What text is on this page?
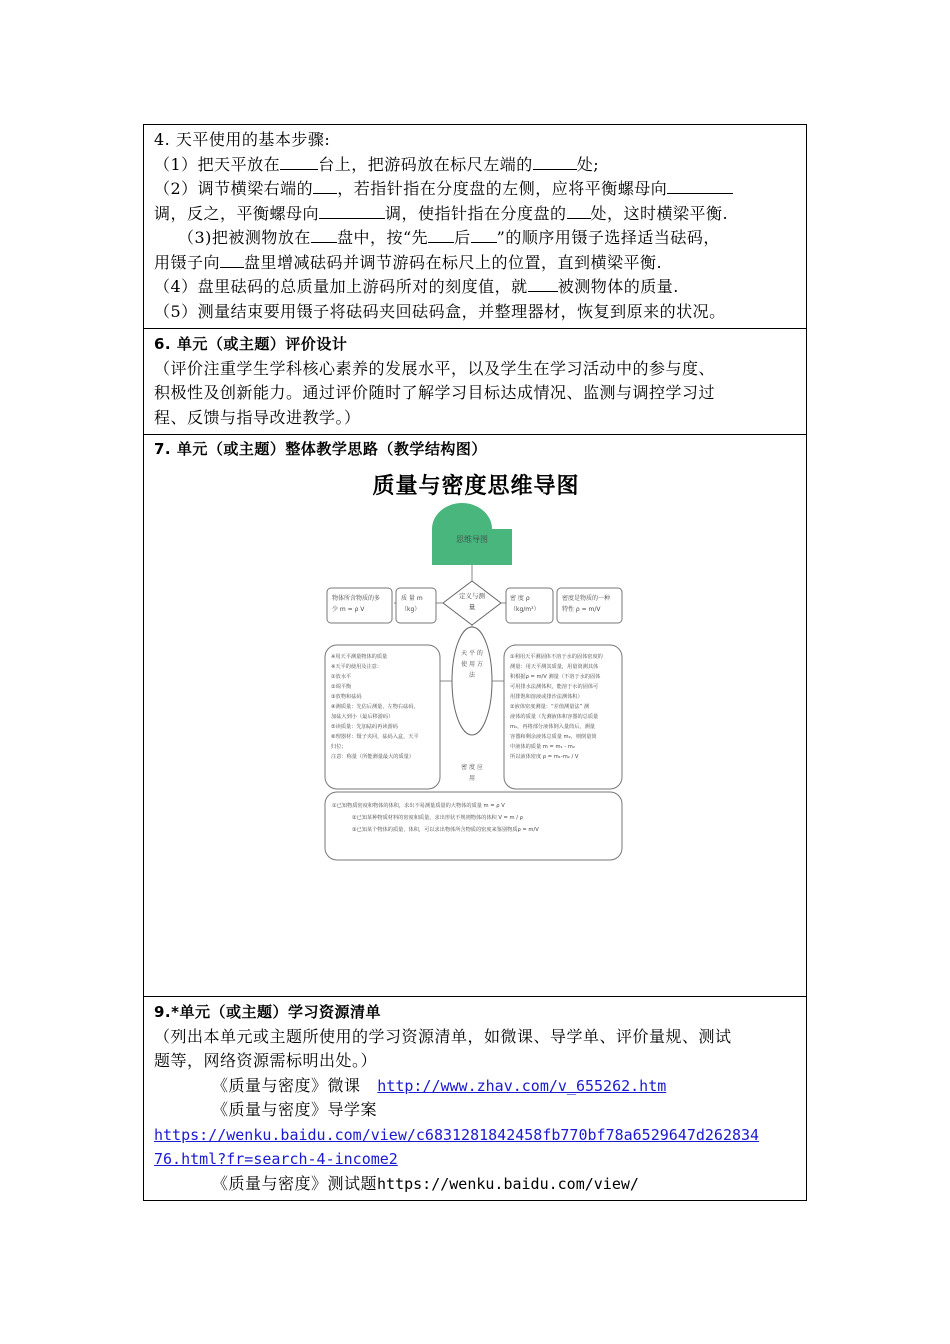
4. 天平使用的基本步骤:
（1）把天平放在 台上，把游码放在标尺左端的	处;
（2）调节横梁右端的 ，若指针指在分度盘的左侧，应将平衡螺母向
调，反之，平衡螺母向	调，使指针指在分度盘的 处，这时横梁平衡.
（3)把被测物放在 盘中，按“先 后 ”的顺序用镊子选择适当砝码，
用镊子向 盘里增减砝码并调节游码在标尺上的位置，直到横梁平衡.
（4）盘里砝码的总质量加上游码所对的刻度值，就 被测物体的质量.
（5）测量结束要用镊子将砝码夹回砝码盒，并整理器材，恢复到原来的状况。
6. 单元（或主题）评价设计
（评价注重学生学科核心素养的发展水平，以及学生在学习活动中的参与度、
积极性及创新能力。通过评价随时了解学习目标达成情况、监测与调控学习过
程、反馈与指导改进教学。）
7. 单元（或主题）整体教学思路（教学结构图）
质量与密度思维导图
思维导图
定义与测
量
物体所含物质的多
少 m = ρ V
质 量 m
（kg）
密 度 ρ
（kg/m³）
密度是物质的一种
特性 ρ = m/V
天 平 的
使 用 方
法
密 度 应
用
※用天平测量物体的质量
※天平的使用及注意：
①放水平
②调平衡
③放物和砝码
④测质量：先估后测量，左物右砝码，
加砝大到小（最后移游码）
⑤读质量：先加砝码再读游码
⑥理器材：镊子夹回，砝码入盒，天平
归位；
注意：称量（所能测量最大的质量）
①利用天平测固体不溶于水的固体密度的
测量：用天平测其质量，用量筒测其体
积根据ρ = m/V 测量（不溶于水的固体
可用排水法测体积，能溶于水的固体可
用排饱和溶液或排沙法测体积）
②液体密度测量：“差值测量法” 测
液体的质量（先测液体和容器的总质量
m₁，再将部分液体倒入量筒后，测量
容器和剩余液体总质量 m₂，则倒量筒
中液体的质量 m = m₁ - m₂
所以液体密度 ρ = m₁-m₂ / V
①已知物质密度和物体的体积，求出不易测量质量的大物体的质量 m = ρ V
②已知某种物质材料的密度和质量，求出形状不规则物体的体积 V = m / ρ
③已知某个物体的质量、体积，可以求出物体所含物质的密度来鉴别物质ρ = m/V
9.*单元（或主题）学习资源清单
（列出本单元或主题所使用的学习资源清单，如微课、导学单、评价量规、测试
题等，网络资源需标明出处。）
《质量与密度》微课 http://www.zhav.com/v_655262.htm
《质量与密度》导学案
https://wenku.baidu.com/view/c6831281842458fb770bf78a6529647d262834
76.html?fr=search-4-income2
《质量与密度》测试题https://wenku.baidu.com/view/
